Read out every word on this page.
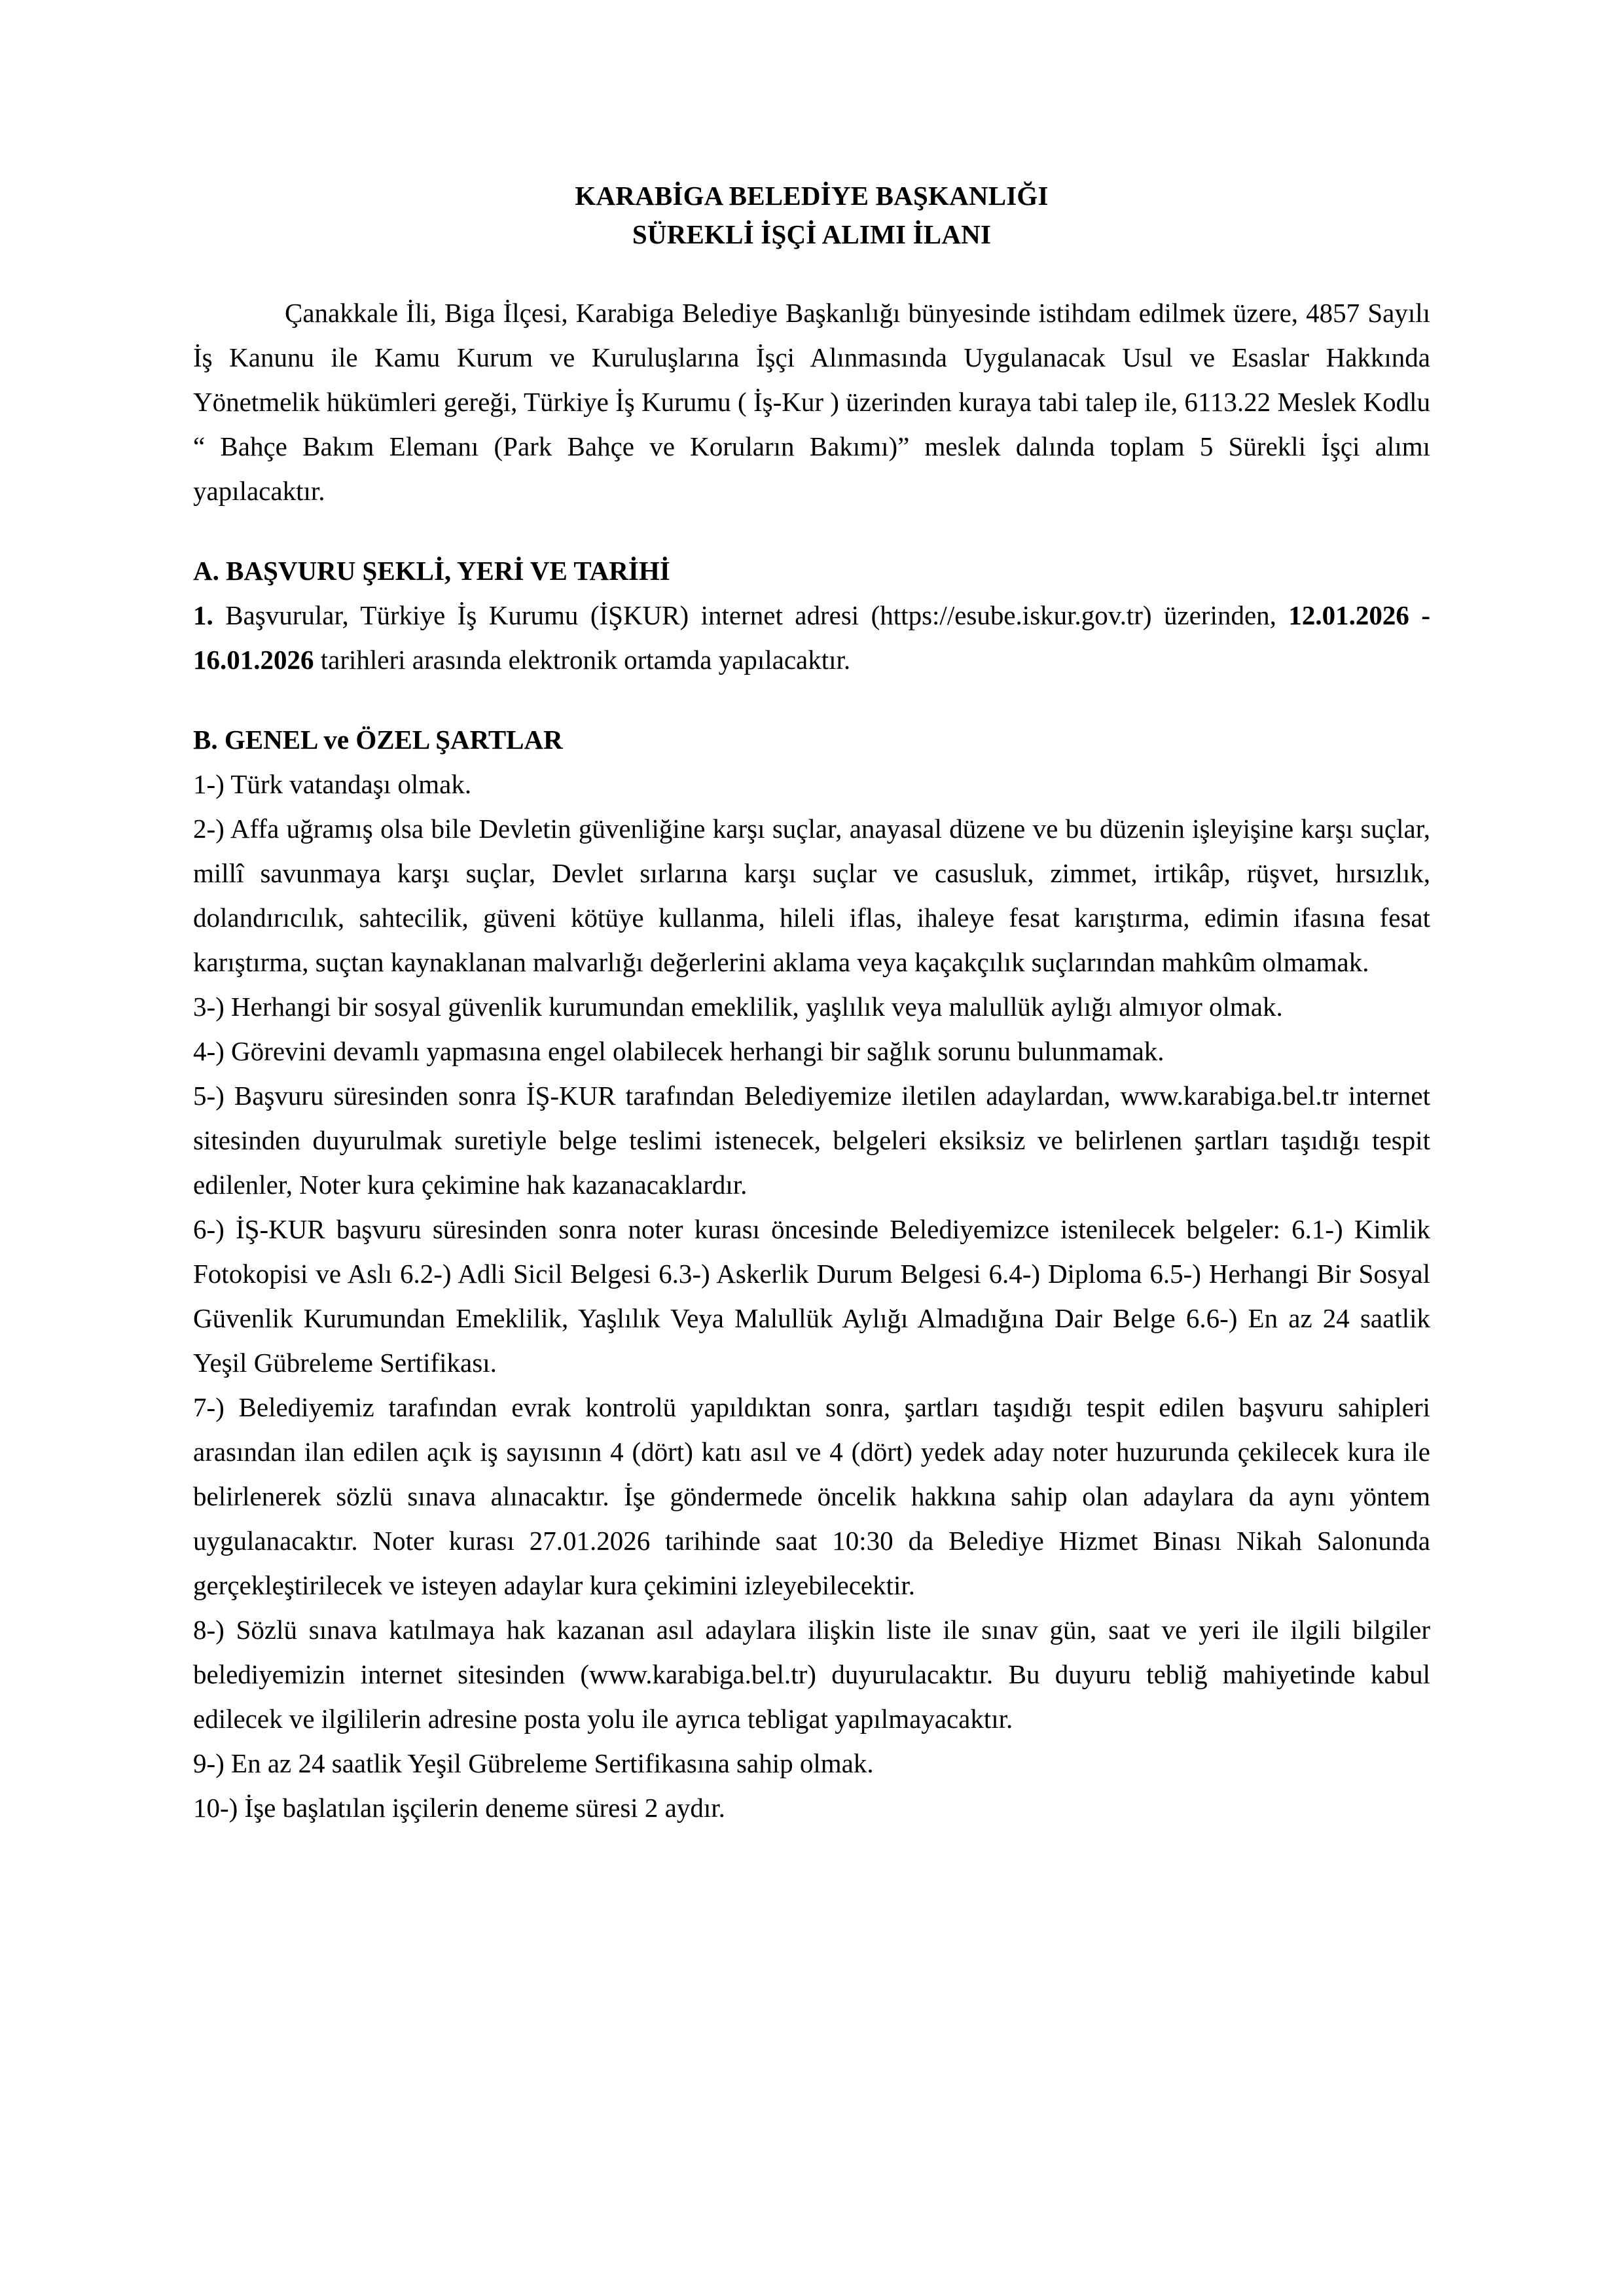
KARABİGA BELEDİYE BAŞKANLIĞI
SÜREKLİ İŞÇİ ALIMI İLANI

Çanakkale İli, Biga İlçesi, Karabiga Belediye Başkanlığı bünyesinde istihdam edilmek üzere, 4857 Sayılı İş Kanunu ile Kamu Kurum ve Kuruluşlarına İşçi Alınmasında Uygulanacak Usul ve Esaslar Hakkında Yönetmelik hükümleri gereği, Türkiye İş Kurumu ( İş-Kur ) üzerinden kuraya tabi talep ile, 6113.22 Meslek Kodlu “ Bahçe Bakım Elemanı (Park Bahçe ve Koruların Bakımı)” meslek dalında toplam 5 Sürekli İşçi alımı yapılacaktır.

A. BAŞVURU ŞEKLİ, YERİ VE TARİHİ

1. Başvurular, Türkiye İş Kurumu (İŞKUR) internet adresi (https://esube.iskur.gov.tr) üzerinden, 12.01.2026 - 16.01.2026 tarihleri arasında elektronik ortamda yapılacaktır.

B. GENEL ve ÖZEL ŞARTLAR

1-) Türk vatandaşı olmak.

2-) Affa uğramış olsa bile Devletin güvenliğine karşı suçlar, anayasal düzene ve bu düzenin işleyişine karşı suçlar, millî savunmaya karşı suçlar, Devlet sırlarına karşı suçlar ve casusluk, zimmet, irtikâp, rüşvet, hırsızlık, dolandırıcılık, sahtecilik, güveni kötüye kullanma, hileli iflas, ihaleye fesat karıştırma, edimin ifasına fesat karıştırma, suçtan kaynaklanan malvarlığı değerlerini aklama veya kaçakçılık suçlarından mahkûm olmamak.

3-) Herhangi bir sosyal güvenlik kurumundan emeklilik, yaşlılık veya malullük aylığı almıyor olmak.

4-) Görevini devamlı yapmasına engel olabilecek herhangi bir sağlık sorunu bulunmamak.

5-) Başvuru süresinden sonra İŞ-KUR tarafından Belediyemize iletilen adaylardan, www.karabiga.bel.tr internet sitesinden duyurulmak suretiyle belge teslimi istenecek, belgeleri eksiksiz ve belirlenen şartları taşıdığı tespit edilenler, Noter kura çekimine hak kazanacaklardır.

6-) İŞ-KUR başvuru süresinden sonra noter kurası öncesinde Belediyemizce istenilecek belgeler: 6.1-) Kimlik Fotokopisi ve Aslı 6.2-) Adli Sicil Belgesi 6.3-) Askerlik Durum Belgesi 6.4-) Diploma 6.5-) Herhangi Bir Sosyal Güvenlik Kurumundan Emeklilik, Yaşlılık Veya Malullük Aylığı Almadığına Dair Belge 6.6-) En az 24 saatlik Yeşil Gübreleme Sertifikası.

7-) Belediyemiz tarafından evrak kontrolü yapıldıktan sonra, şartları taşıdığı tespit edilen başvuru sahipleri arasından ilan edilen açık iş sayısının 4 (dört) katı asıl ve 4 (dört) yedek aday noter huzurunda çekilecek kura ile belirlenerek sözlü sınava alınacaktır. İşe göndermede öncelik hakkına sahip olan adaylara da aynı yöntem uygulanacaktır. Noter kurası 27.01.2026 tarihinde saat 10:30 da Belediye Hizmet Binası Nikah Salonunda gerçekleştirilecek ve isteyen adaylar kura çekimini izleyebilecektir.

8-) Sözlü sınava katılmaya hak kazanan asıl adaylara ilişkin liste ile sınav gün, saat ve yeri ile ilgili bilgiler belediyemizin internet sitesinden (www.karabiga.bel.tr) duyurulacaktır. Bu duyuru tebliğ mahiyetinde kabul edilecek ve ilgililerin adresine posta yolu ile ayrıca tebligat yapılmayacaktır.

9-) En az 24 saatlik Yeşil Gübreleme Sertifikasına sahip olmak.

10-) İşe başlatılan işçilerin deneme süresi 2 aydır.
